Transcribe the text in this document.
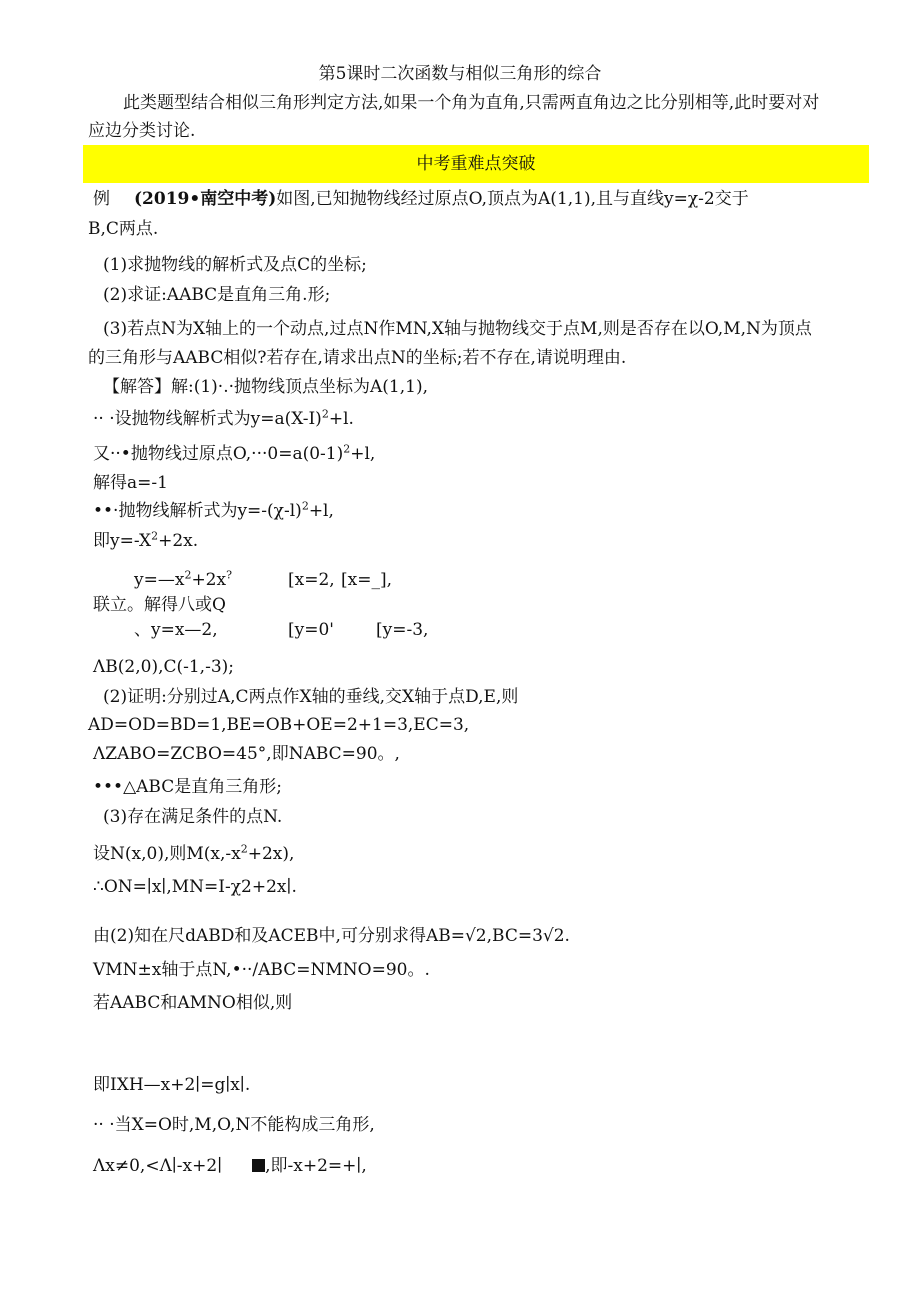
第5课时二次函数与相似三角形的综合
此类题型结合相似三角形判定方法,如果一个角为直角,只需两直角边之比分别相等,此时要对对
应边分类讨论.
中考重难点突破
例 (2019•南空中考)如图,已知抛物线经过原点O,顶点为A(1,1),且与直线y=χ-2交于
B,C两点.
(1)求抛物线的解析式及点C的坐标;
(2)求证:AABC是直角三角.形;
(3)若点N为X轴上的一个动点,过点N作MN,X轴与抛物线交于点M,则是否存在以O,M,N为顶点
的三角形与AABC相似?若存在,请求出点N的坐标;若不存在,请说明理由.
【解答】解:(1)·.·抛物线顶点坐标为A(1,1),
·· ·设抛物线解析式为$y=a(X-I)^2+l$.
又··•抛物线过原点$O,\cdot\cdot\cdot 0=a(0-1)^2+l$,
解得a=-1
••·抛物线解析式为$y=-(\chi-l)^2+l$,
即$y=-X^2+2x$.
$y=—x^2+2x^?$	[x=2, [x=_],
联立。解得八或Q
、y=x—2,	[y=0' [y=-3,
ΛB(2,0),C(-1,-3);
(2)证明:分别过A,C两点作X轴的垂线,交X轴于点D,E,则
AD=OD=BD=1,BE=OB+OE=2+1=3,EC=3,
ΛZABO=ZCBO=45°,即NABC=90。,
•••△ABC是直角三角形;
(3)存在满足条件的点N.
设N(x,0),则$M(x,-x^2+2x)$,
∴ON=∣x∣,MN=I-χ2+2x∣.
由(2)知在尺dABD和及ACEB中,可分别求得AB=√2,BC=3√2.
VMN±x轴于点N,•··/ABC=NMNO=90。.
若AABC和AMNO相似,则
即IXH—x+2∣=g∣x∣.
·· ·当X=O时,M,O,N不能构成三角形,
Λx≠0,<Λ∣-x+2∣	,即-x+2=+∣,
